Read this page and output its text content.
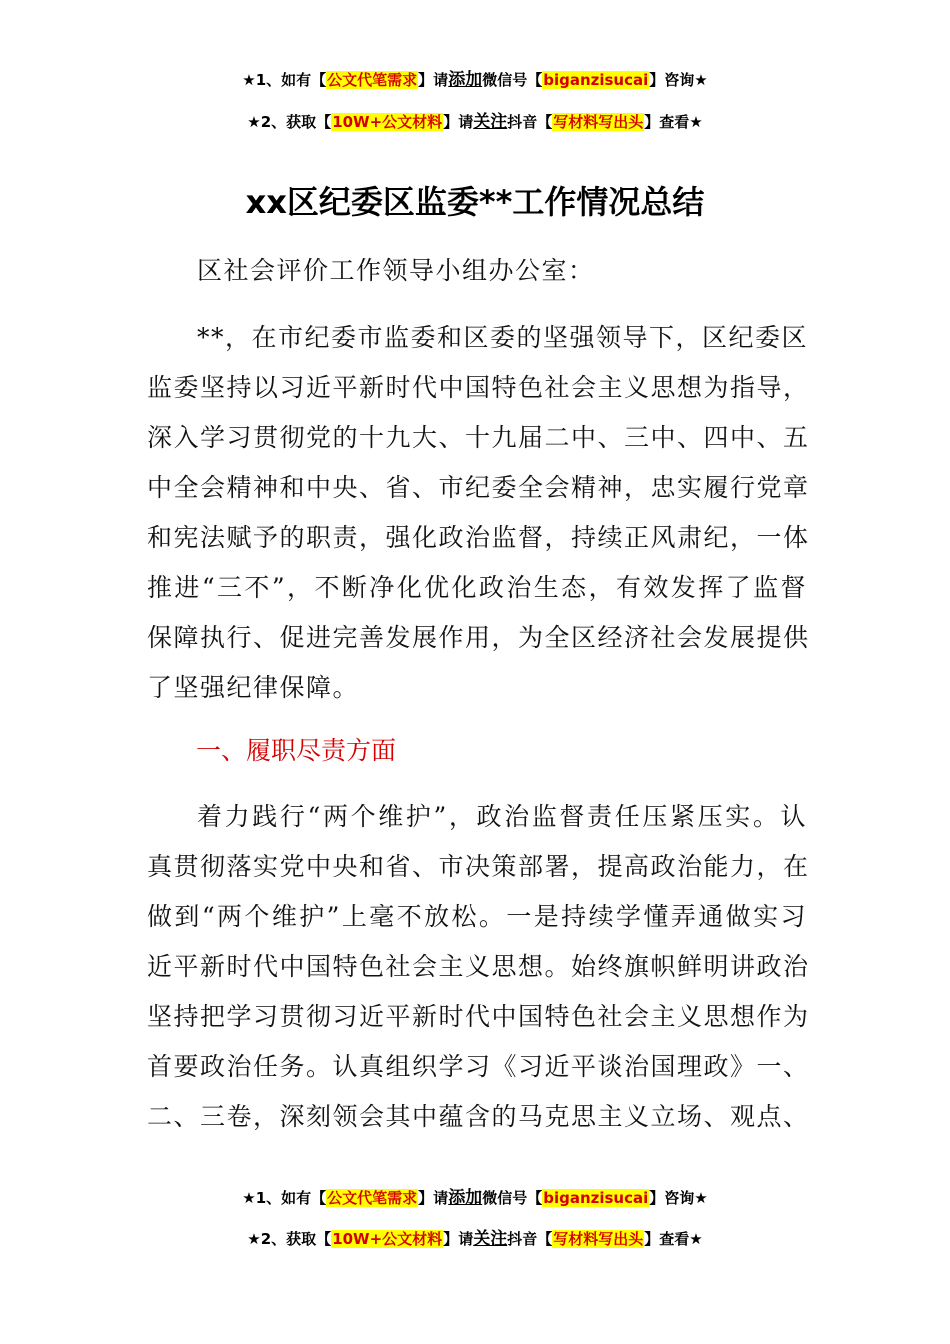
★1、如有【公文代笔需求】请添加微信号【biganzisucai】咨询★
★2、获取【10W+公文材料】请关注抖音【写材料写出头】查看★
xx区纪委区监委**工作情况总结
区社会评价工作领导小组办公室：
**，在市纪委市监委和区委的坚强领导下，区纪委区
监委坚持以习近平新时代中国特色社会主义思想为指导，
深入学习贯彻党的十九大、十九届二中、三中、四中、五
中全会精神和中央、省、市纪委全会精神，忠实履行党章
和宪法赋予的职责，强化政治监督，持续正风肃纪，一体
推进“三不”，不断净化优化政治生态，有效发挥了监督
保障执行、促进完善发展作用，为全区经济社会发展提供
了坚强纪律保障。
一、履职尽责方面
着力践行“两个维护”，政治监督责任压紧压实。认
真贯彻落实党中央和省、市决策部署，提高政治能力，在
做到“两个维护”上毫不放松。一是持续学懂弄通做实习
近平新时代中国特色社会主义思想。始终旗帜鲜明讲政治
坚持把学习贯彻习近平新时代中国特色社会主义思想作为
首要政治任务。认真组织学习《习近平谈治国理政》一、
二、三卷，深刻领会其中蕴含的马克思主义立场、观点、
★1、如有【公文代笔需求】请添加微信号【biganzisucai】咨询★
★2、获取【10W+公文材料】请关注抖音【写材料写出头】查看★
